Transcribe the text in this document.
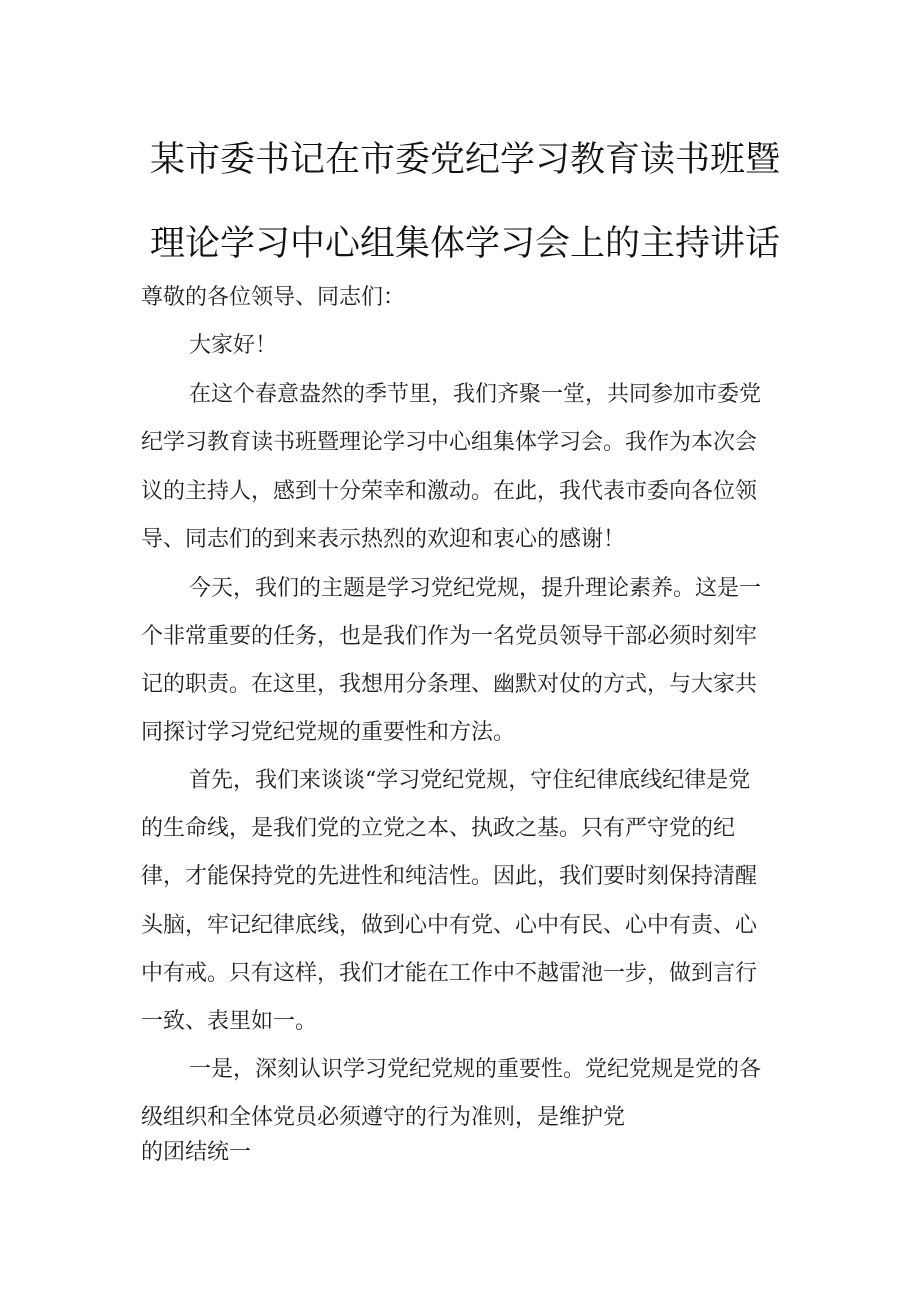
某市委书记在市委党纪学习教育读书班暨
理论学习中心组集体学习会上的主持讲话
尊敬的各位领导、同志们：
大家好！
在这个春意盎然的季节里，我们齐聚一堂，共同参加市委党
纪学习教育读书班暨理论学习中心组集体学习会。我作为本次会
议的主持人，感到十分荣幸和激动。在此，我代表市委向各位领
导、同志们的到来表示热烈的欢迎和衷心的感谢！
今天，我们的主题是学习党纪党规，提升理论素养。这是一
个非常重要的任务，也是我们作为一名党员领导干部必须时刻牢
记的职责。在这里，我想用分条理、幽默对仗的方式，与大家共
同探讨学习党纪党规的重要性和方法。
首先，我们来谈谈“学习党纪党规，守住纪律底线纪律是党
的生命线，是我们党的立党之本、执政之基。只有严守党的纪
律，才能保持党的先进性和纯洁性。因此，我们要时刻保持清醒
头脑，牢记纪律底线，做到心中有党、心中有民、心中有责、心
中有戒。只有这样，我们才能在工作中不越雷池一步，做到言行
一致、表里如一。
一是，深刻认识学习党纪党规的重要性。党纪党规是党的各
级组织和全体党员必须遵守的行为准则，是维护党
的团结统一
